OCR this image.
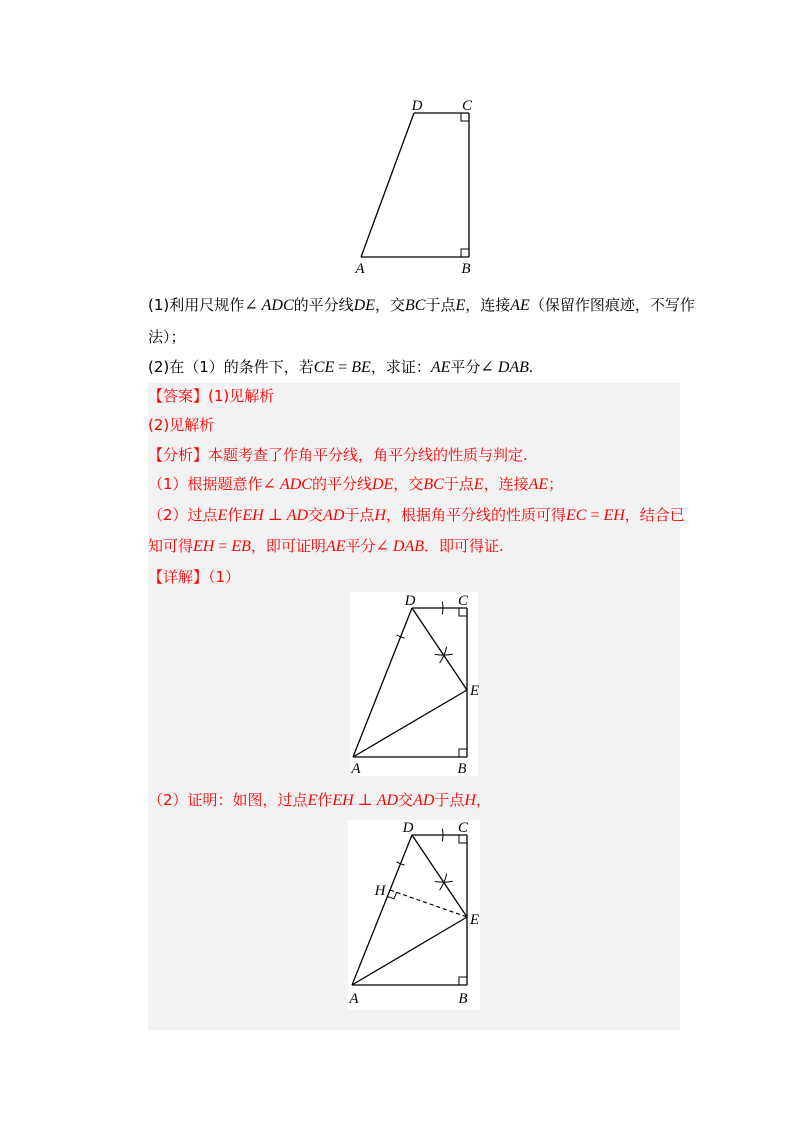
D	C
A	B
(1)利用尺规作∠ ADC的平分线DE，交BC于点E，连接AE（保留作图痕迹，不写作
法）；
(2)在（1）的条件下，若CE = BE，求证：AE平分∠ DAB.
【答案】(1)见解析
(2)见解析
【分析】本题考查了作角平分线，角平分线的性质与判定.
（1）根据题意作∠ ADC的平分线DE，交BC于点E，连接AE；
（2）过点E作EH ⊥ AD交AD于点H，根据角平分线的性质可得EC = EH，结合已
知可得EH = EB，即可证明AE平分∠ DAB．即可得证.
【详解】（1）
D	C
E
A	B
（2）证明：如图，过点E作EH ⊥ AD交AD于点H，
D	C
H
E
A	B
